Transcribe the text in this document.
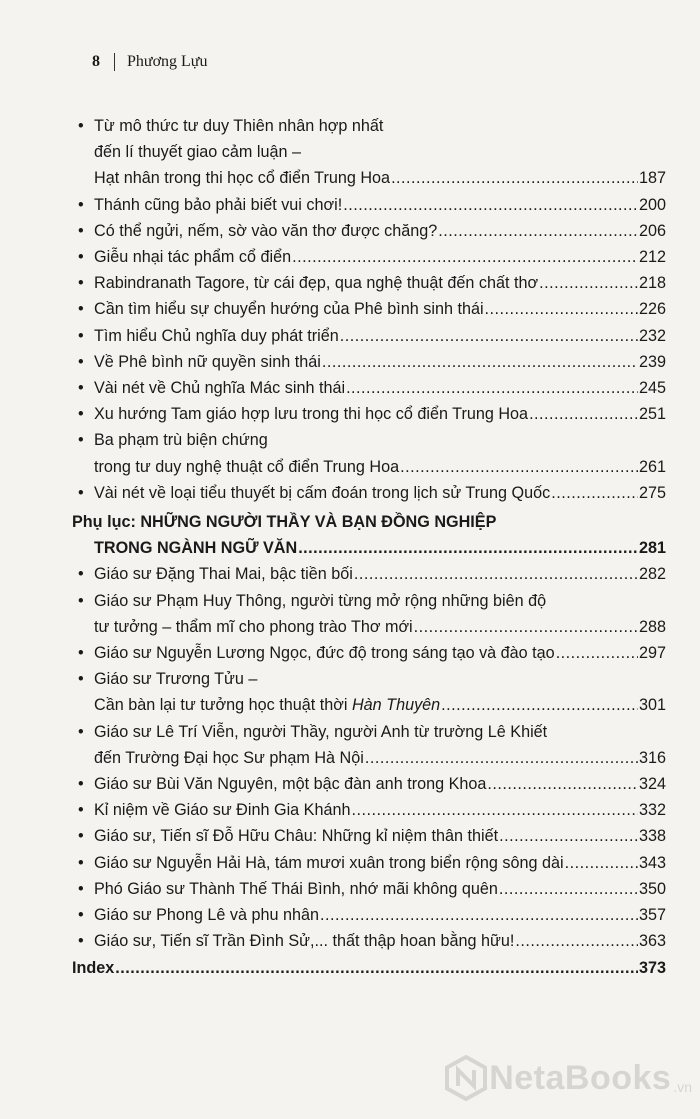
8 Phương Lựu
• Từ mô thức tư duy Thiên nhân hợp nhất
đến lí thuyết giao cảm luận –
Hạt nhân trong thi học cổ điển Trung Hoa .....	187
• Thánh cũng bảo phải biết vui chơi! .....	200
• Có thể ngửi, nếm, sờ vào văn thơ được chăng? .....	206
• Giễu nhại tác phẩm cổ điển .....	212
• Rabindranath Tagore, từ cái đẹp, qua nghệ thuật đến chất thơ .....	218
• Cần tìm hiểu sự chuyển hướng của Phê bình sinh thái .....	226
• Tìm hiểu Chủ nghĩa duy phát triển .....	232
• Về Phê bình nữ quyền sinh thái .....	239
• Vài nét về Chủ nghĩa Mác sinh thái .....	245
• Xu hướng Tam giáo hợp lưu trong thi học cổ điển Trung Hoa .....	251
• Ba phạm trù biện chứng
trong tư duy nghệ thuật cổ điển Trung Hoa .....	261
• Vài nét về loại tiểu thuyết bị cấm đoán trong lịch sử Trung Quốc .....	275
Phụ lục: NHỮNG NGƯỜI THẦY VÀ BẠN ĐỒNG NGHIỆP
TRONG NGÀNH NGỮ VĂN .....	281
• Giáo sư Đặng Thai Mai, bậc tiền bối .....	282
• Giáo sư Phạm Huy Thông, người từng mở rộng những biên độ
tư tưởng – thẩm mĩ cho phong trào Thơ mới .....	288
• Giáo sư Nguyễn Lương Ngọc, đức độ trong sáng tạo và đào tạo .....	297
• Giáo sư Trương Tửu –
Cần bàn lại tư tưởng học thuật thời Hàn Thuyên .....	301
• Giáo sư Lê Trí Viễn, người Thầy, người Anh từ trường Lê Khiết
đến Trường Đại học Sư phạm Hà Nội .....	316
• Giáo sư Bùi Văn Nguyên, một bậc đàn anh trong Khoa .....	324
• Kỉ niệm về Giáo sư Đinh Gia Khánh .....	332
• Giáo sư, Tiến sĩ Đỗ Hữu Châu: Những kỉ niệm thân thiết .....	338
• Giáo sư Nguyễn Hải Hà, tám mươi xuân trong biển rộng sông dài .....	343
• Phó Giáo sư Thành Thế Thái Bình, nhớ mãi không quên .....	350
• Giáo sư Phong Lê và phu nhân .....	357
• Giáo sư, Tiến sĩ Trần Đình Sử,... thất thập hoan bằng hữu! .....	363
Index .....	373
NetaBooks .vn
